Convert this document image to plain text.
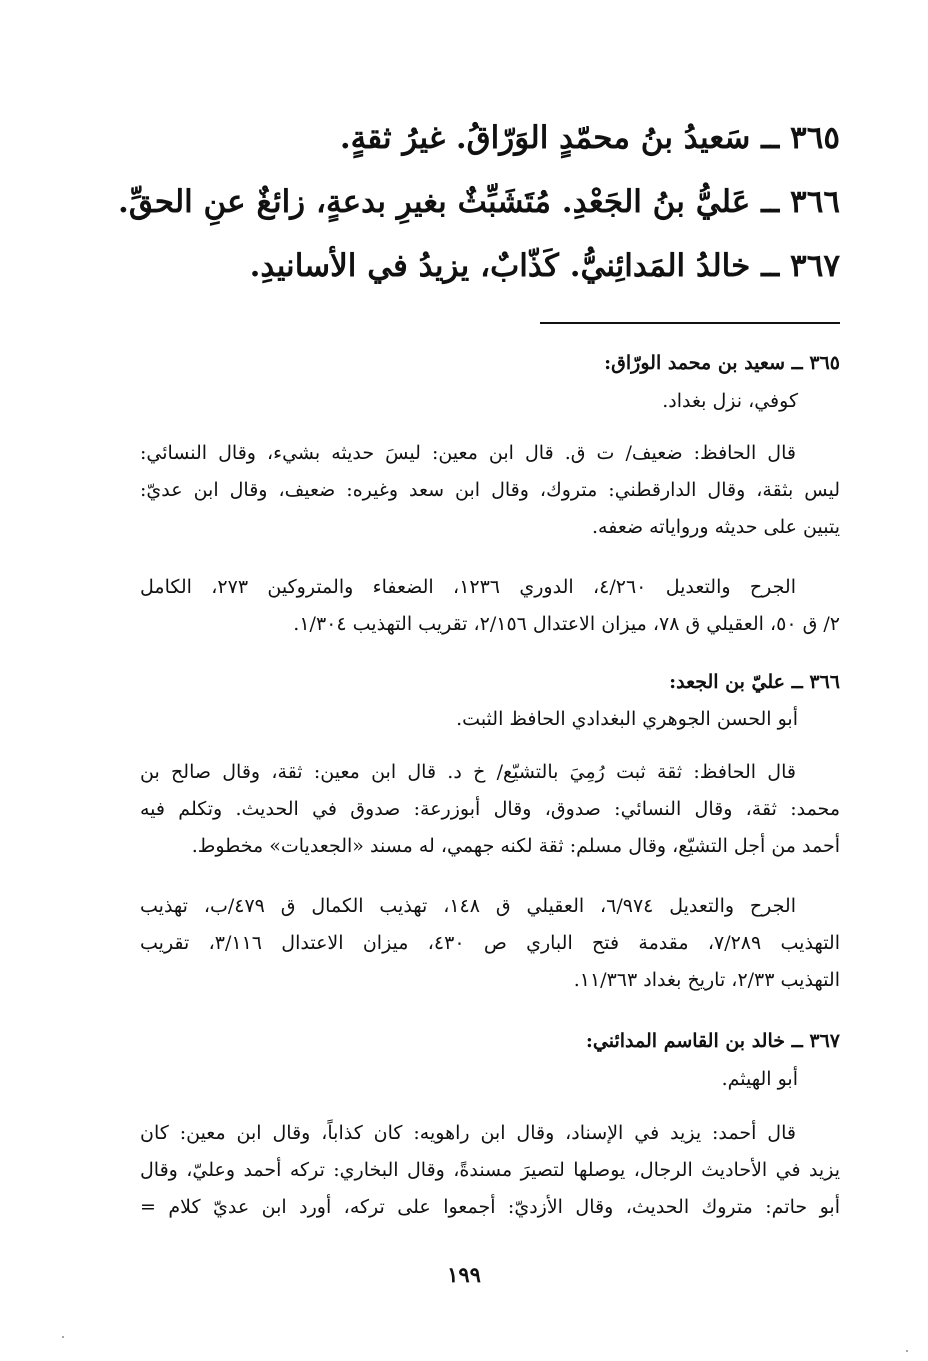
٣٦٥ ــ سَعيدُ بنُ محمّدٍ الوَرّاقُ. غيرُ ثقةٍ.
٣٦٦ ــ عَليُّ بنُ الجَعْدِ. مُتَشَبِّثٌ بغيرِ بدعةٍ، زائغٌ عنِ الحقِّ.
٣٦٧ ــ خالدُ المَدائِنيُّ. كَذّابٌ، يزيدُ في الأسانيدِ.
٣٦٥ ــ سعيد بن محمد الورّاق:
كوفي، نزل بغداد.
قال الحافظ: ضعيف/ ت ق. قال ابن معين: ليسَ حديثه بشيء، وقال النسائي:
ليس بثقة، وقال الدارقطني: متروك، وقال ابن سعد وغيره: ضعيف، وقال ابن عديّ:
يتبين على حديثه ورواياته ضعفه.
الجرح والتعديل ٤/٢٦٠، الدوري ١٢٣٦، الضعفاء والمتروكين ٢٧٣، الكامل
٢/ ق ٥٠، العقيلي ق ٧٨، ميزان الاعتدال ٢/١٥٦، تقريب التهذيب ١/٣٠٤.
٣٦٦ ــ عليّ بن الجعد:
أبو الحسن الجوهري البغدادي الحافظ الثبت.
قال الحافظ: ثقة ثبت رُمِيَ بالتشيّع/ خ د. قال ابن معين: ثقة، وقال صالح بن
محمد: ثقة، وقال النسائي: صدوق، وقال أبوزرعة: صدوق في الحديث. وتكلم فيه
أحمد من أجل التشيّع، وقال مسلم: ثقة لكنه جهمي، له مسند «الجعديات» مخطوط.
الجرح والتعديل ٦/٩٧٤، العقيلي ق ١٤٨، تهذيب الكمال ق ٤٧٩/ب، تهذيب
التهذيب ٧/٢٨٩، مقدمة فتح الباري ص ٤٣٠، ميزان الاعتدال ٣/١١٦، تقريب
التهذيب ٢/٣٣، تاريخ بغداد ١١/٣٦٣.
٣٦٧ ــ خالد بن القاسم المدائني:
أبو الهيثم.
قال أحمد: يزيد في الإسناد، وقال ابن راهويه: كان كذاباً، وقال ابن معين: كان
يزيد في الأحاديث الرجال، يوصلها لتصيرَ مسندةً، وقال البخاري: تركه أحمد وعليّ، وقال
أبو حاتم: متروك الحديث، وقال الأزديّ: أجمعوا على تركه، أورد ابن عديّ كلام =
١٩٩
